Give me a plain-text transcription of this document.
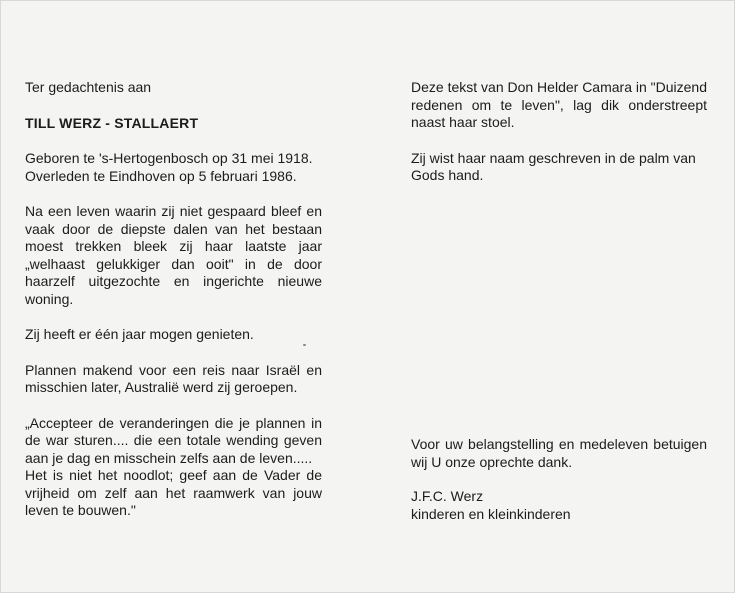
Ter gedachtenis aan

TILL WERZ - STALLAERT

Geboren te 's-Hertogenbosch op 31 mei 1918.

Overleden te Eindhoven op 5 februari 1986.

Na een leven waarin zij niet gespaard bleef en vaak door de diepste dalen van het bestaan moest trekken bleek zij haar laatste jaar „welhaast gelukkiger dan ooit" in de door haarzelf uitgezochte en ingerichte nieuwe woning.

Zij heeft er één jaar mogen genieten.

Plannen makend voor een reis naar Israël en misschien later, Australië werd zij geroepen.

„Accepteer de veranderingen die je plannen in de war sturen.... die een totale wending geven aan je dag en misschein zelfs aan de leven.....

Het is niet het noodlot; geef aan de Vader de vrijheid om zelf aan het raamwerk van jouw leven te bouwen."

Deze tekst van Don Helder Camara in "Duizend redenen om te leven", lag dik onderstreept naast haar stoel.

Zij wist haar naam geschreven in de palm van Gods hand.

Voor uw belangstelling en medeleven betuigen wij U onze oprechte dank.

J.F.C. Werz

kinderen en kleinkinderen
